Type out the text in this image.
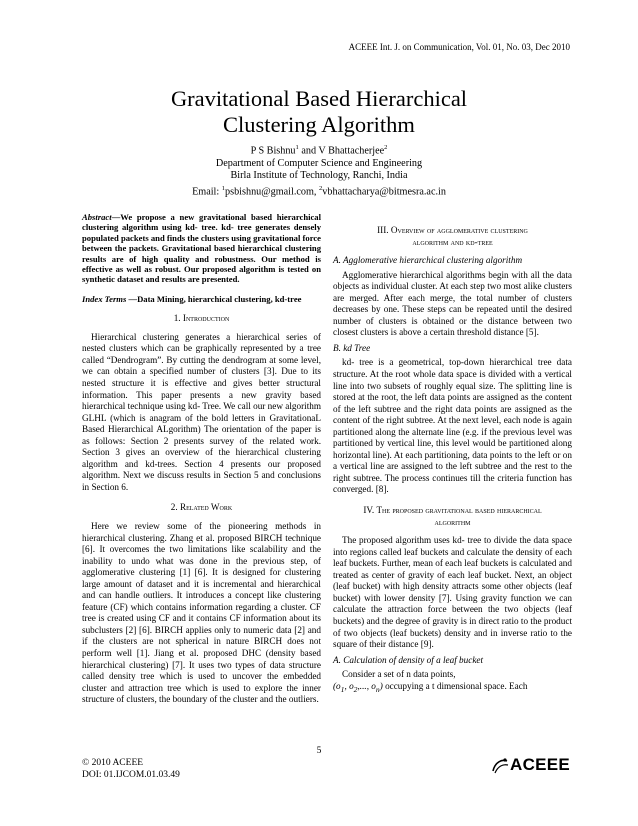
ACEEE Int. J. on Communication, Vol. 01, No. 03, Dec 2010
Gravitational Based Hierarchical
Clustering Algorithm
P S Bishnu$^1$ and V Bhattacherjee$^2$
Department of Computer Science and Engineering
Birla Institute of Technology, Ranchi, India
Email: $^1$psbishnu@gmail.com, $^2$vbhattacharya@bitmesra.ac.in

Abstract—We propose a new gravitational based hierarchical clustering algorithm using kd- tree. kd- tree generates densely populated packets and finds the clusters using gravitational force between the packets. Gravitational based hierarchical clustering results are of high quality and robustness. Our method is effective as well as robust. Our proposed algorithm is tested on synthetic dataset and results are presented.

Index Terms —Data Mining, hierarchical clustering, kd-tree

1. Introduction

Hierarchical clustering generates a hierarchical series of nested clusters which can be graphically represented by a tree called “Dendrogram”. By cutting the dendrogram at some level, we can obtain a specified number of clusters [3]. Due to its nested structure it is effective and gives better structural information. This paper presents a new gravity based hierarchical technique using kd- Tree. We call our new algorithm GLHL (which is anagram of the bold letters in GravitationaL Based Hierarchical ALgorithm) The orientation of the paper is as follows: Section 2 presents survey of the related work. Section 3 gives an overview of the hierarchical clustering algorithm and kd-trees. Section 4 presents our proposed algorithm. Next we discuss results in Section 5 and conclusions in Section 6.

2. Related Work

Here we review some of the pioneering methods in hierarchical clustering. Zhang et al. proposed BIRCH technique [6]. It overcomes the two limitations like scalability and the inability to undo what was done in the previous step, of agglomerative clustering [1] [6]. It is designed for clustering large amount of dataset and it is incremental and hierarchical and can handle outliers. It introduces a concept like clustering feature (CF) which contains information regarding a cluster. CF tree is created using CF and it contains CF information about its subclusters [2] [6]. BIRCH applies only to numeric data [2] and if the clusters are not spherical in nature BIRCH does not perform well [1]. Jiang et al. proposed DHC (density based hierarchical clustering) [7]. It uses two types of data structure called density tree which is used to uncover the embedded cluster and attraction tree which is used to explore the inner structure of clusters, the boundary of the cluster and the outliers.

III. Overview of agglomerative clustering
algorithm and kd-tree

A. Agglomerative hierarchical clustering algorithm

Agglomerative hierarchical algorithms begin with all the data objects as individual cluster. At each step two most alike clusters are merged. After each merge, the total number of clusters decreases by one. These steps can be repeated until the desired number of clusters is obtained or the distance between two closest clusters is above a certain threshold distance [5].

B. kd Tree

kd- tree is a geometrical, top-down hierarchical tree data structure. At the root whole data space is divided with a vertical line into two subsets of roughly equal size. The splitting line is stored at the root, the left data points are assigned as the content of the left subtree and the right data points are assigned as the content of the right subtree. At the next level, each node is again partitioned along the alternate line (e.g. if the previous level was partitioned by vertical line, this level would be partitioned along horizontal line). At each partitioning, data points to the left or on a vertical line are assigned to the left subtree and the rest to the right subtree. The process continues till the criteria function has converged. [8].

IV. The proposed gravitational based hierarchical
algorithm

The proposed algorithm uses kd- tree to divide the data space into regions called leaf buckets and calculate the density of each leaf buckets. Further, mean of each leaf buckets is calculated and treated as center of gravity of each leaf bucket. Next, an object (leaf bucket) with high density attracts some other objects (leaf bucket) with lower density [7]. Using gravity function we can calculate the attraction force between the two objects (leaf buckets) and the degree of gravity is in direct ratio to the product of two objects (leaf buckets) density and in inverse ratio to the square of their distance [9].

A. Calculation of density of a leaf bucket

Consider a set of n data points,

($o_1$, $o_2$,..., $o_n$) occupying a t dimensional space. Each

5
© 2010 ACEEE
DOI: 01.IJCOM.01.03.49
ACEEE
